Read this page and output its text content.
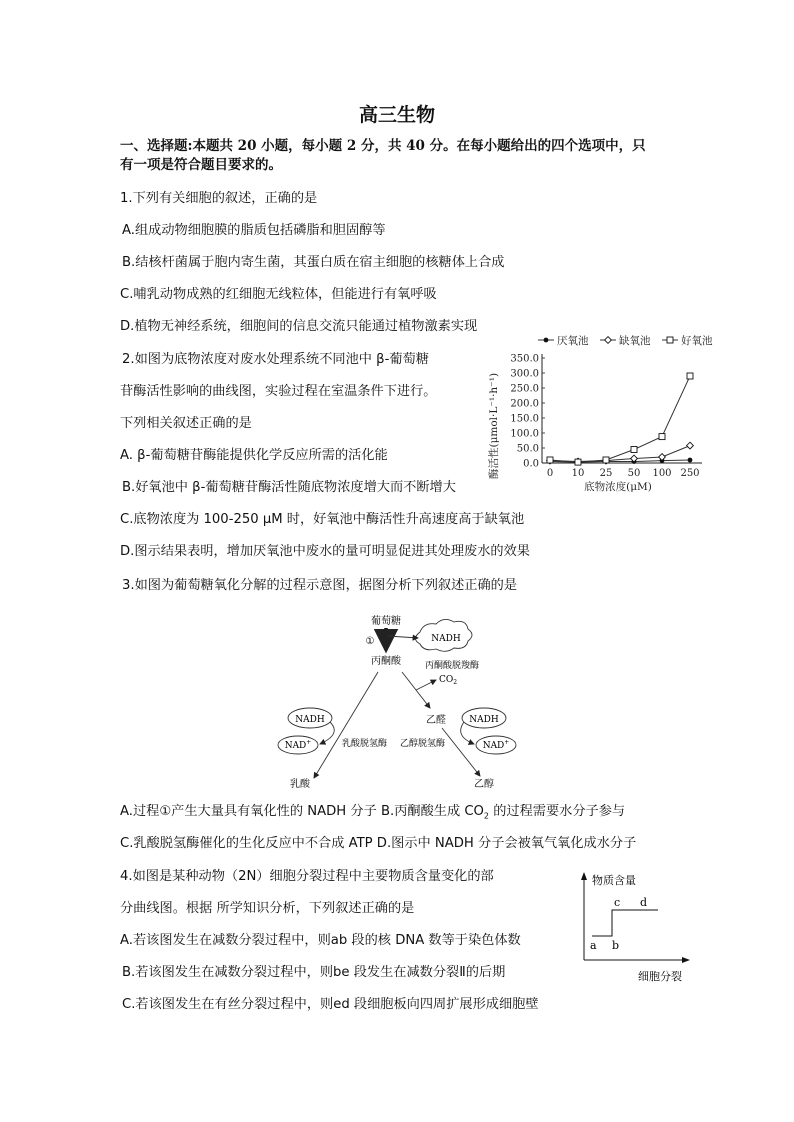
高三生物
一、选择题:本题共 20 小题，每小题 2 分，共 40 分。在每小题给出的四个选项中，只
有一项是符合题目要求的。
1.下列有关细胞的叙述，正确的是
A.组成动物细胞膜的脂质包括磷脂和胆固醇等
B.结核杆菌属于胞内寄生菌，其蛋白质在宿主细胞的核糖体上合成
C.哺乳动物成熟的红细胞无线粒体，但能进行有氧呼吸
D.植物无神经系统，细胞间的信息交流只能通过植物激素实现
2.如图为底物浓度对废水处理系统不同池中 β-葡萄糖
苷酶活性影响的曲线图，实验过程在室温条件下进行。
下列相关叙述正确的是
A. β-葡萄糖苷酶能提供化学反应所需的活化能
B.好氧池中 β-葡萄糖苷酶活性随底物浓度增大而不断增大
C.底物浓度为 100-250 μM 时，好氧池中酶活性升高速度高于缺氧池
D.图示结果表明，增加厌氧池中废水的量可明显促进其处理废水的效果
厌氧池	缺氧池	好氧池
0.0
50.0
100.0
150.0
200.0
250.0
300.0
350.0
0 10 25 50 100 250
酶活性(μmol·L⁻¹·h⁻¹)
底物浓度(μM)
3.如图为葡萄糖氧化分解的过程示意图，据图分析下列叙述正确的是
葡萄糖
①	NADH
丙酮酸	丙酮酸脱羧酶
$CO_2$
乙醛
NADH
NAD+	乳酸脱氢酶
NADH
NAD+
乙醇脱氢酶
乳酸	乙醇
A.过程①产生大量具有氧化性的 NADH 分子 B.丙酮酸生成 $CO_2$ 的过程需要水分子参与
C.乳酸脱氢酶催化的生化反应中不合成 ATP D.图示中 NADH 分子会被氧气氧化成水分子
4.如图是某种动物（2N）细胞分裂过程中主要物质含量变化的部
分曲线图。根据 所学知识分析，下列叙述正确的是
A.若该图发生在减数分裂过程中，则ab 段的核 DNA 数等于染色体数
B.若该图发生在减数分裂过程中，则be 段发生在减数分裂Ⅱ的后期
C.若该图发生在有丝分裂过程中，则ed 段细胞板向四周扩展形成细胞壁
物质含量
细胞分裂
a b
c d
